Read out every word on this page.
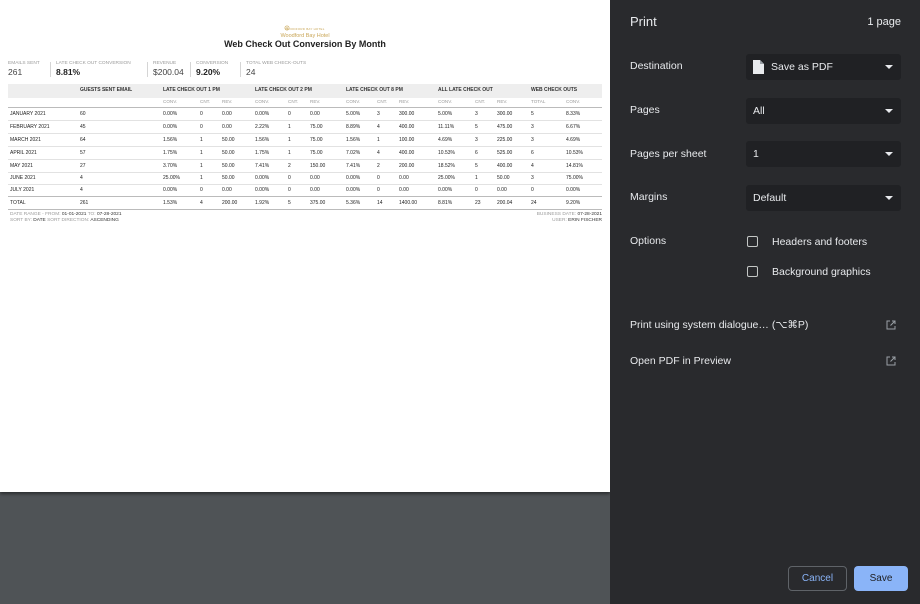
WOODFORD BAY HOTEL
Woodford Bay Hotel
Web Check Out Conversion By Month
EMAILS SENT
261
LATE CHECK OUT CONVERSION
8.81%
REVENUE
$200.04
CONVERSION
9.20%
TOTAL WEB CHECK-OUTS
24
GUESTS SENT EMAIL	LATE CHECK OUT 1 PM	LATE CHECK OUT 2 PM	LATE CHECK OUT 8 PM	ALL LATE CHECK OUT	WEB CHECK OUTS
CONV.	CNT.	REV.	CONV.	CNT.	REV.	CONV.	CNT.	REV.	CONV.	CNT.	REV.	TOTAL	CONV.
JANUARY 2021	60	0.00%	0	0.00	0.00%	0	0.00	5.00%	3	300.00	5.00%	3	300.00	5	8.33%
FEBRUARY 2021	45	0.00%	0	0.00	2.22%	1	75.00	8.89%	4	400.00	11.11%	5	475.00	3	6.67%
MARCH 2021	64	1.56%	1	50.00	1.56%	1	75.00	1.56%	1	100.00	4.69%	3	225.00	3	4.69%
APRIL 2021	57	1.75%	1	50.00	1.75%	1	75.00	7.02%	4	400.00	10.53%	6	525.00	6	10.53%
MAY 2021	27	3.70%	1	50.00	7.41%	2	150.00	7.41%	2	200.00	18.52%	5	400.00	4	14.81%
JUNE 2021	4	25.00%	1	50.00	0.00%	0	0.00	0.00%	0	0.00	25.00%	1	50.00	3	75.00%
JULY 2021	4	0.00%	0	0.00	0.00%	0	0.00	0.00%	0	0.00	0.00%	0	0.00	0	0.00%
TOTAL	261	1.53%	4	200.00	1.92%	5	375.00	5.36%	14	1400.00	8.81%	23	200.04	24	9.20%
DATE RANGE - FROM: 01-01-2021 TO: 07-28-2021
SORT BY: DATE SORT DIRECTION: ASCENDING
BUSINESS DATE: 07-28-2021
USER: ERIN FISCHER
Print	1 page
Destination	Save as PDF
Pages	All
Pages per sheet	1
Margins	Default
Options	Headers and footers
Background graphics
Print using system dialogue… (⌥⌘P)
Open PDF in Preview
Cancel	Save
